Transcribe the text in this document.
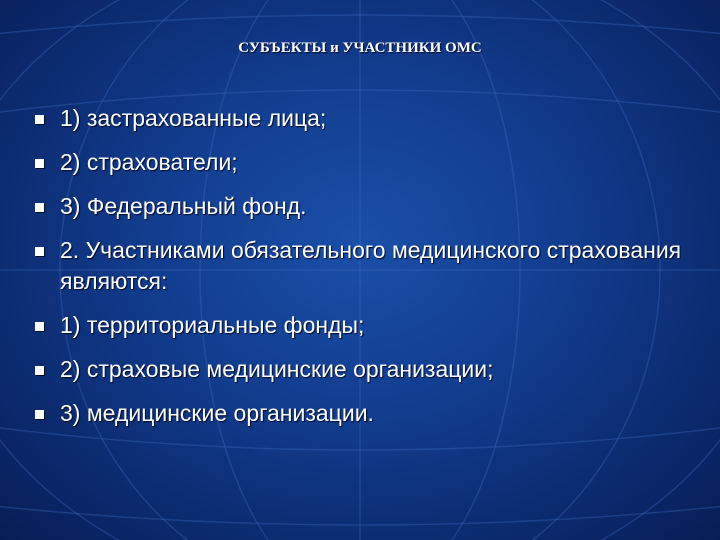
СУБЪЕКТЫ и УЧАСТНИКИ ОМС
1) застрахованные лица;
2) страхователи;
3) Федеральный фонд.
2. Участниками обязательного медицинского страхования являются:
1) территориальные фонды;
2) страховые медицинские организации;
3) медицинские организации.
